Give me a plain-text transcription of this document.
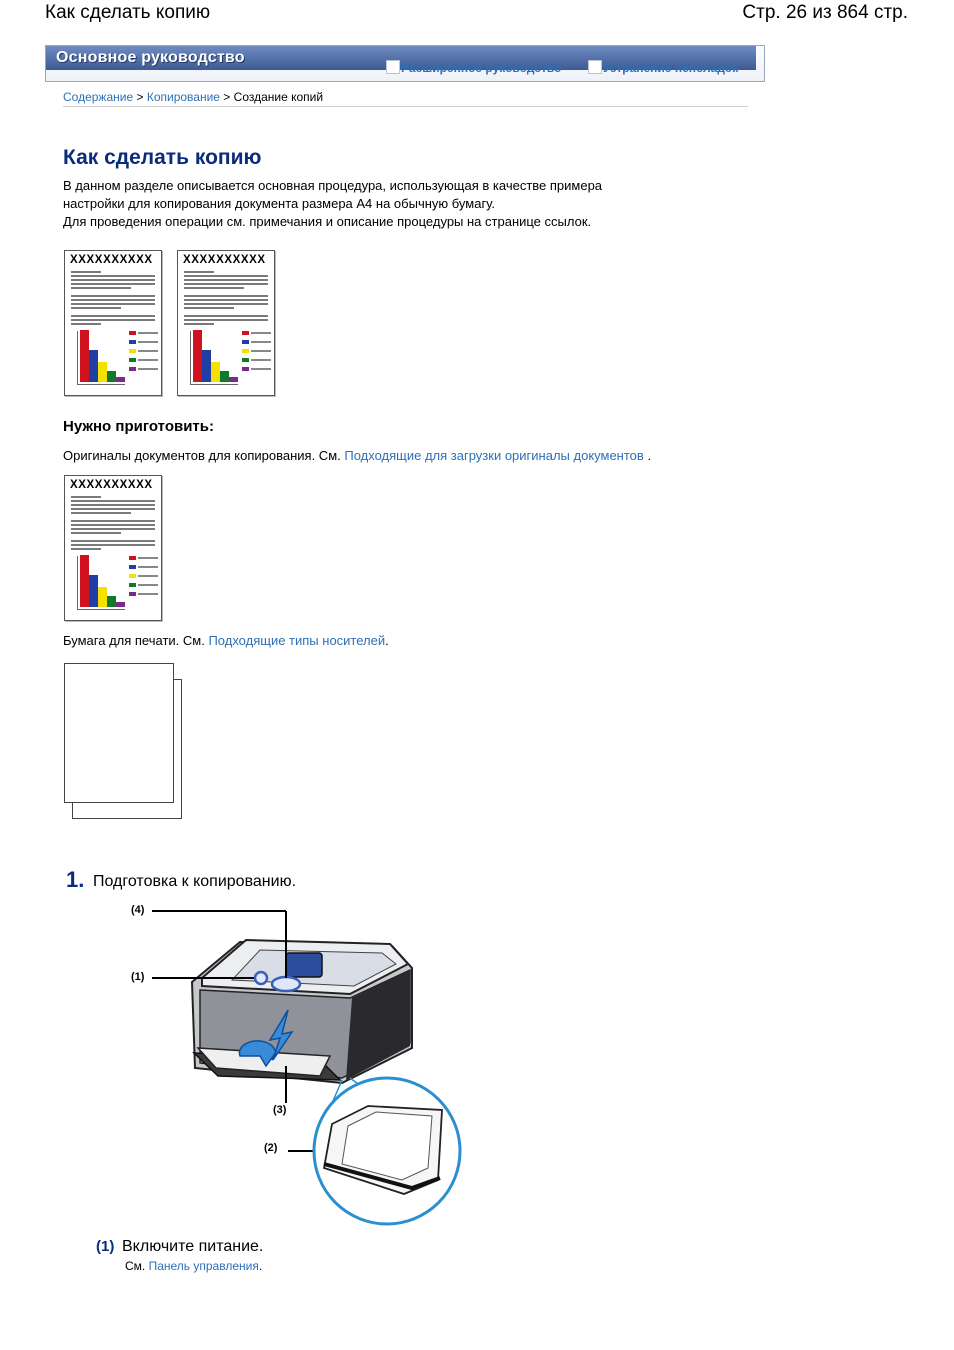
Как сделать копию	Стр. 26 из 864 стр.
Основное руководство
Расширенное руководство	Устранение неполадок
Содержание > Копирование > Создание копий
Как сделать копию
В данном разделе описывается основная процедура, использующая в качестве примера
настройки для копирования документа размера А4 на обычную бумагу.
Для проведения операции см. примечания и описание процедуры на странице ссылок.
XXXXXXXXXX	XXXXXXXXXX
XXXXXXXXXX
Нужно приготовить:
Оригиналы документов для копирования. См. Подходящие для загрузки оригиналы документов .
Бумага для печати. См. Подходящие типы носителей.
1. Подготовка к копированию.
(4)
(1)
(3)
(2)
(1) Включите питание.
См. Панель управления.
